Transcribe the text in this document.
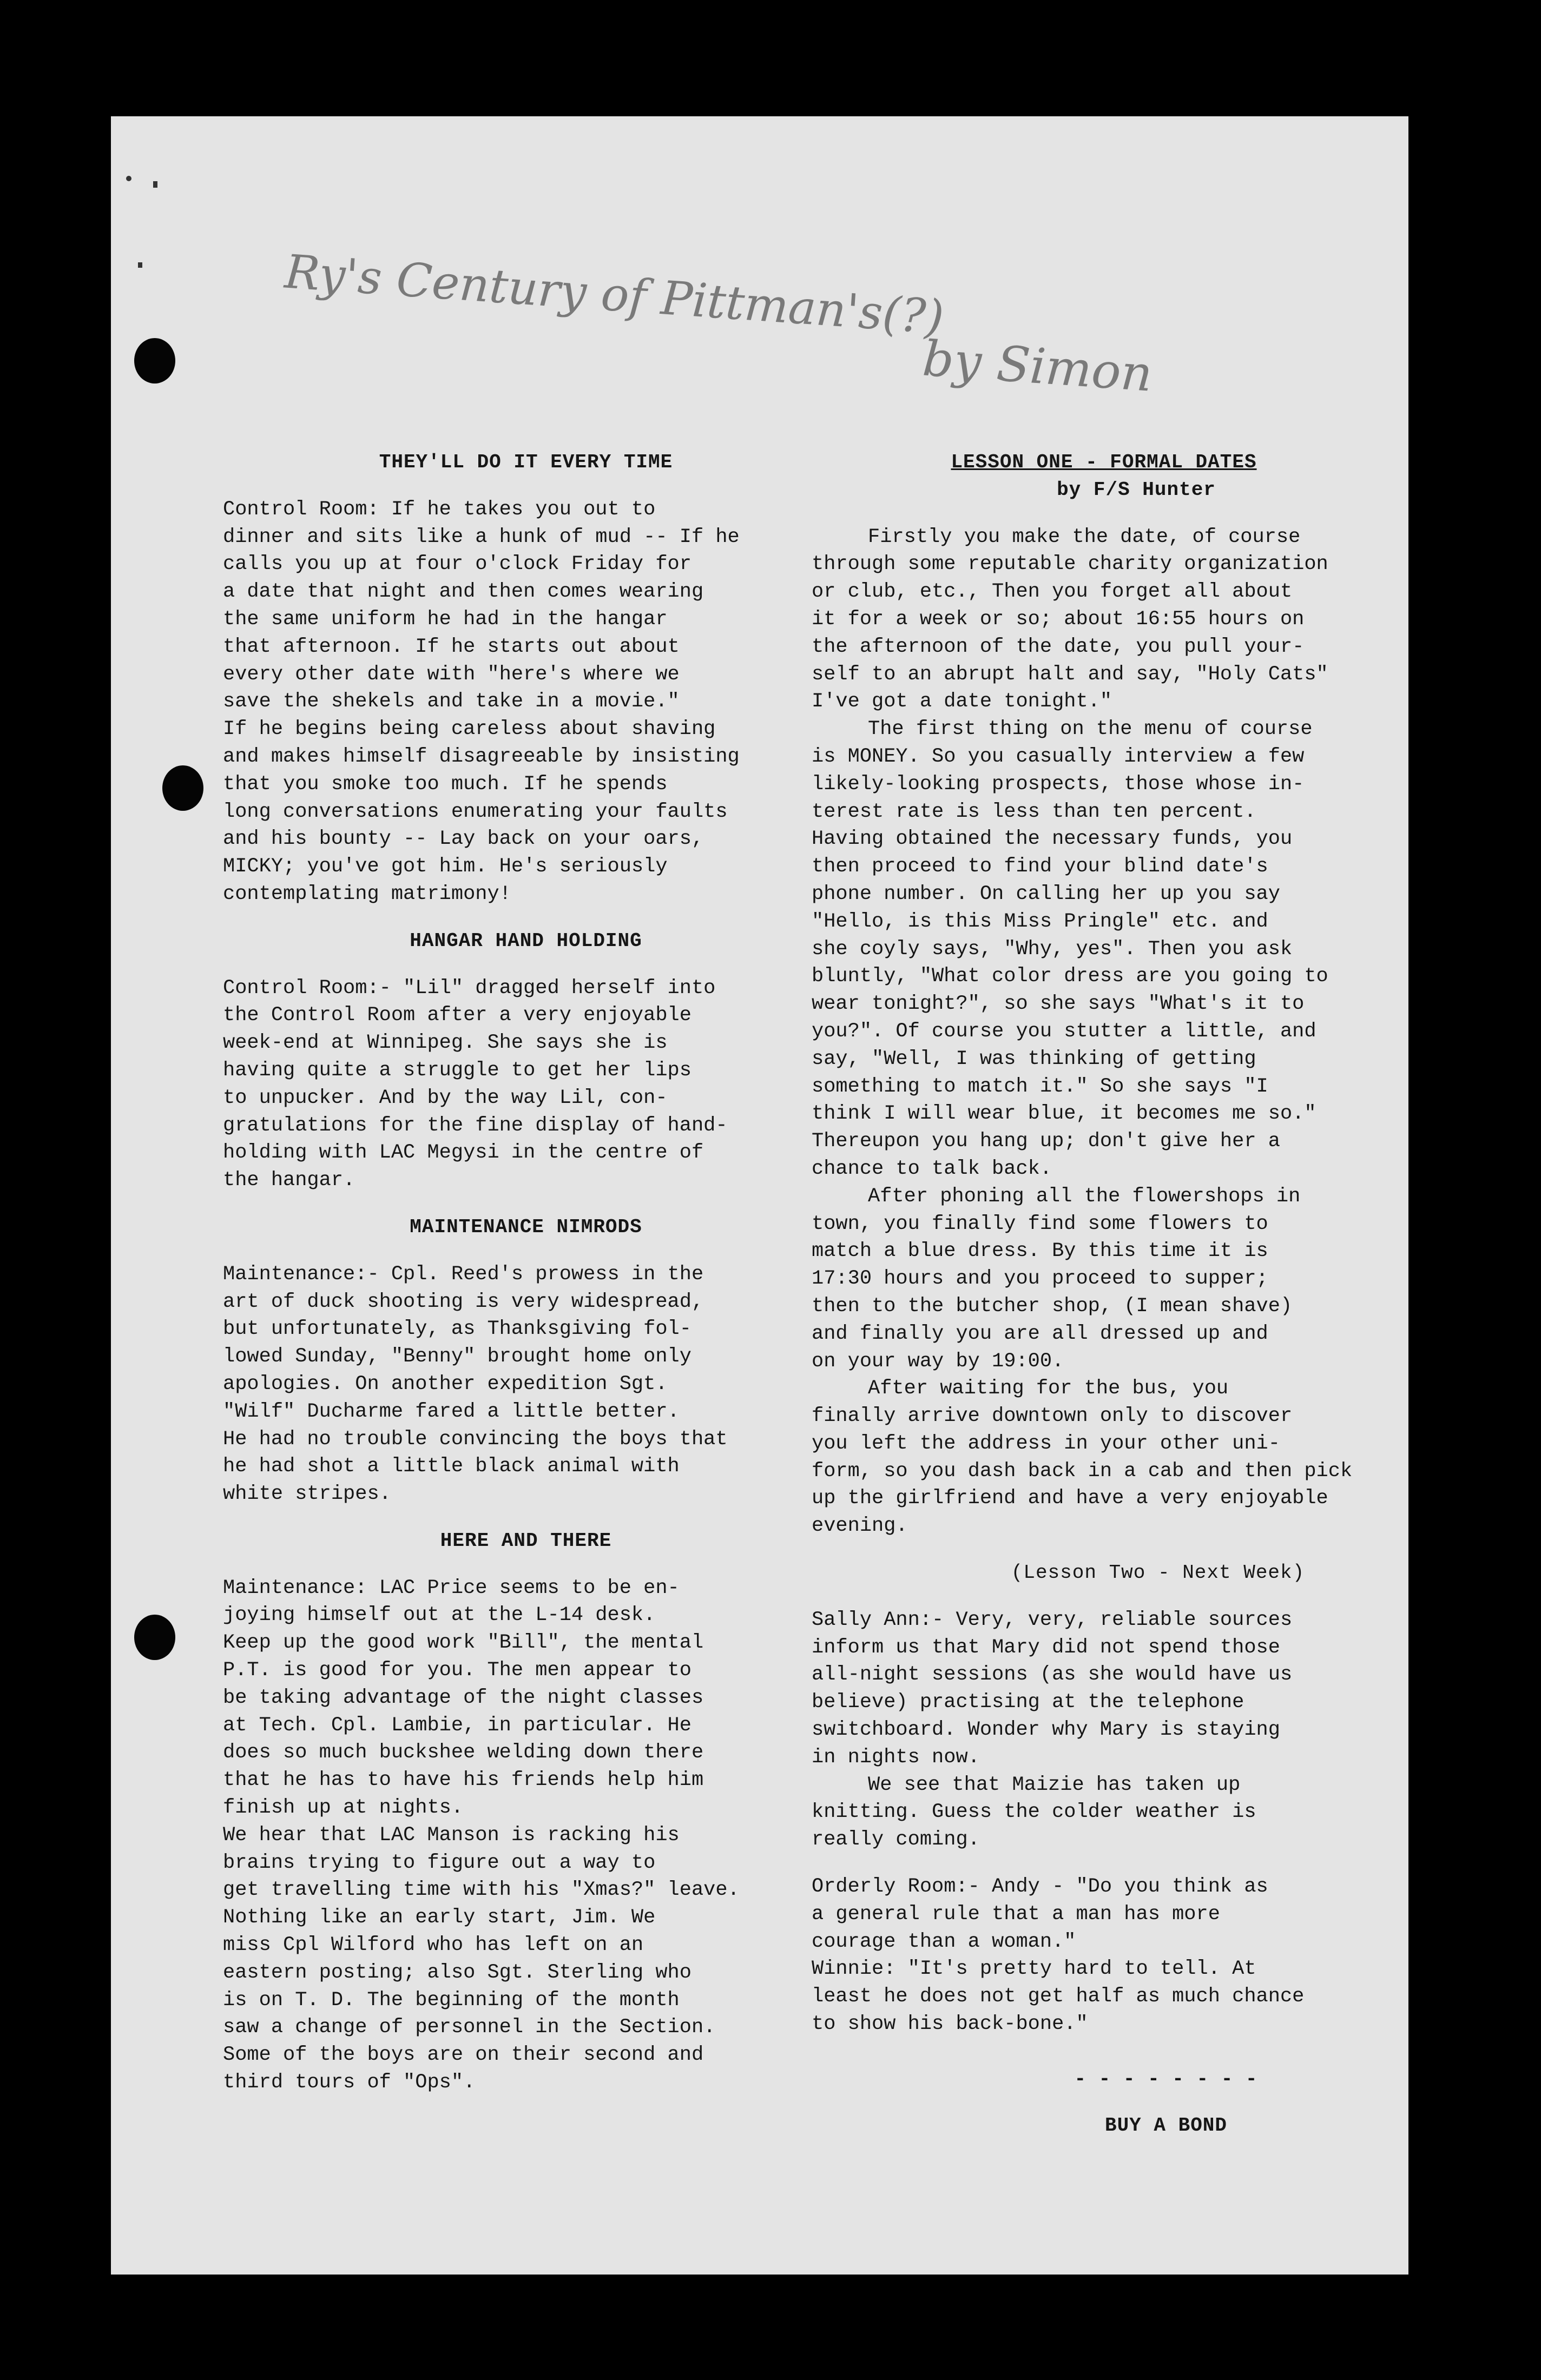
Ry's Century of Pittman's(?)
by Simon

THEY'LL DO IT EVERY TIME

Control Room: If he takes you out to

dinner and sits like a hunk of mud -- If he

calls you up at four o'clock Friday for

a date that night and then comes wearing

the same uniform he had in the hangar

that afternoon. If he starts out about

every other date with "here's where we

save the shekels and take in a movie."

If he begins being careless about shaving

and makes himself disagreeable by insisting

that you smoke too much. If he spends

long conversations enumerating your faults

and his bounty -- Lay back on your oars,

MICKY; you've got him. He's seriously

contemplating matrimony!

HANGAR HAND HOLDING

Control Room:- "Lil" dragged herself into

the Control Room after a very enjoyable

week-end at Winnipeg. She says she is

having quite a struggle to get her lips

to unpucker. And by the way Lil, con-

gratulations for the fine display of hand-

holding with LAC Megysi in the centre of

the hangar.

MAINTENANCE NIMRODS

Maintenance:- Cpl. Reed's prowess in the

art of duck shooting is very widespread,

but unfortunately, as Thanksgiving fol-

lowed Sunday, "Benny" brought home only

apologies. On another expedition Sgt.

"Wilf" Ducharme fared a little better.

He had no trouble convincing the boys that

he had shot a little black animal with

white stripes.

HERE AND THERE

Maintenance: LAC Price seems to be en-

joying himself out at the L-14 desk.

Keep up the good work "Bill", the mental

P.T. is good for you. The men appear to

be taking advantage of the night classes

at Tech. Cpl. Lambie, in particular. He

does so much buckshee welding down there

that he has to have his friends help him

finish up at nights.

We hear that LAC Manson is racking his

brains trying to figure out a way to

get travelling time with his "Xmas?" leave.

Nothing like an early start, Jim. We

miss Cpl Wilford who has left on an

eastern posting; also Sgt. Sterling who

is on T. D. The beginning of the month

saw a change of personnel in the Section.

Some of the boys are on their second and

third tours of "Ops".

LESSON ONE - FORMAL DATES

by F/S Hunter

Firstly you make the date, of course

through some reputable charity organization

or club, etc., Then you forget all about

it for a week or so; about 16:55 hours on

the afternoon of the date, you pull your-

self to an abrupt halt and say, "Holy Cats"

I've got a date tonight."

The first thing on the menu of course

is MONEY. So you casually interview a few

likely-looking prospects, those whose in-

terest rate is less than ten percent.

Having obtained the necessary funds, you

then proceed to find your blind date's

phone number. On calling her up you say

"Hello, is this Miss Pringle" etc. and

she coyly says, "Why, yes". Then you ask

bluntly, "What color dress are you going to

wear tonight?", so she says "What's it to

you?". Of course you stutter a little, and

say, "Well, I was thinking of getting

something to match it." So she says "I

think I will wear blue, it becomes me so."

Thereupon you hang up; don't give her a

chance to talk back.

After phoning all the flowershops in

town, you finally find some flowers to

match a blue dress. By this time it is

17:30 hours and you proceed to supper;

then to the butcher shop, (I mean shave)

and finally you are all dressed up and

on your way by 19:00.

After waiting for the bus, you

finally arrive downtown only to discover

you left the address in your other uni-

form, so you dash back in a cab and then pick

up the girlfriend and have a very enjoyable

evening.

(Lesson Two - Next Week)

Sally Ann:- Very, very, reliable sources

inform us that Mary did not spend those

all-night sessions (as she would have us

believe) practising at the telephone

switchboard. Wonder why Mary is staying

in nights now.

We see that Maizie has taken up

knitting. Guess the colder weather is

really coming.

Orderly Room:- Andy - "Do you think as

a general rule that a man has more

courage than a woman."

Winnie: "It's pretty hard to tell. At

least he does not get half as much chance

to show his back-bone."

- - - - - - - -

BUY A BOND
